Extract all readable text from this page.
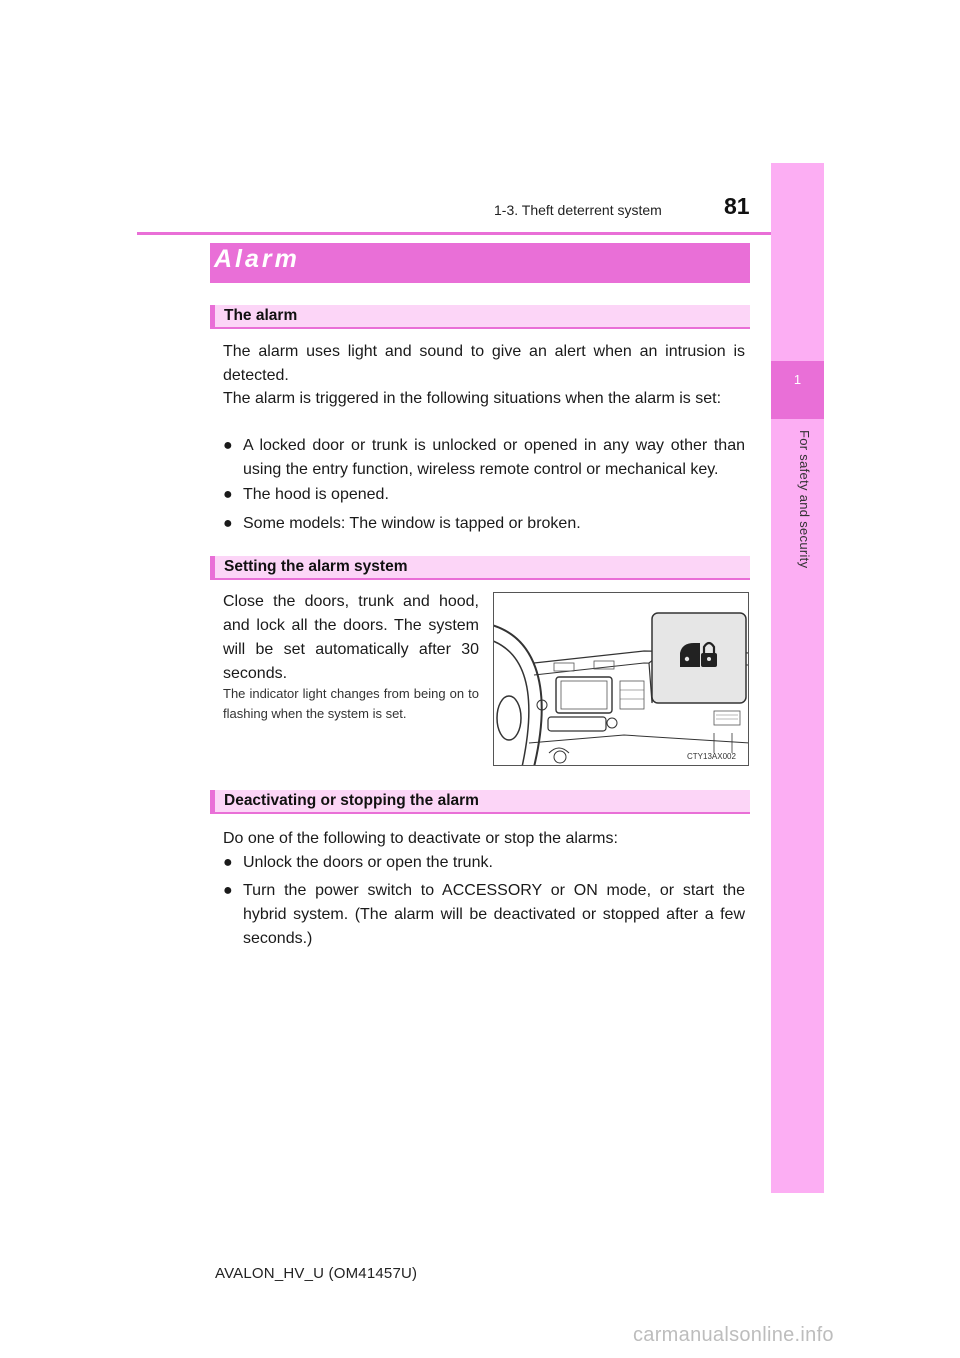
1-3. Theft deterrent system	81
1
For safety and security
Alarm
The alarm
The alarm uses light and sound to give an alert when an intrusion is detected.
The alarm is triggered in the following situations when the alarm is set:
● A locked door or trunk is unlocked or opened in any way other than using the entry function, wireless remote control or mechanical key.
● The hood is opened.
● Some models: The window is tapped or broken.
Setting the alarm system
Close the doors, trunk and hood, and lock all the doors. The system will be set automatically after 30 seconds.
The indicator light changes from being on to flashing when the system is set.
CTY13AX002
Deactivating or stopping the alarm
Do one of the following to deactivate or stop the alarms:
● Unlock the doors or open the trunk.
● Turn the power switch to ACCESSORY or ON mode, or start the hybrid system. (The alarm will be deactivated or stopped after a few seconds.)
AVALON_HV_U (OM41457U)
carmanualsonline.info
